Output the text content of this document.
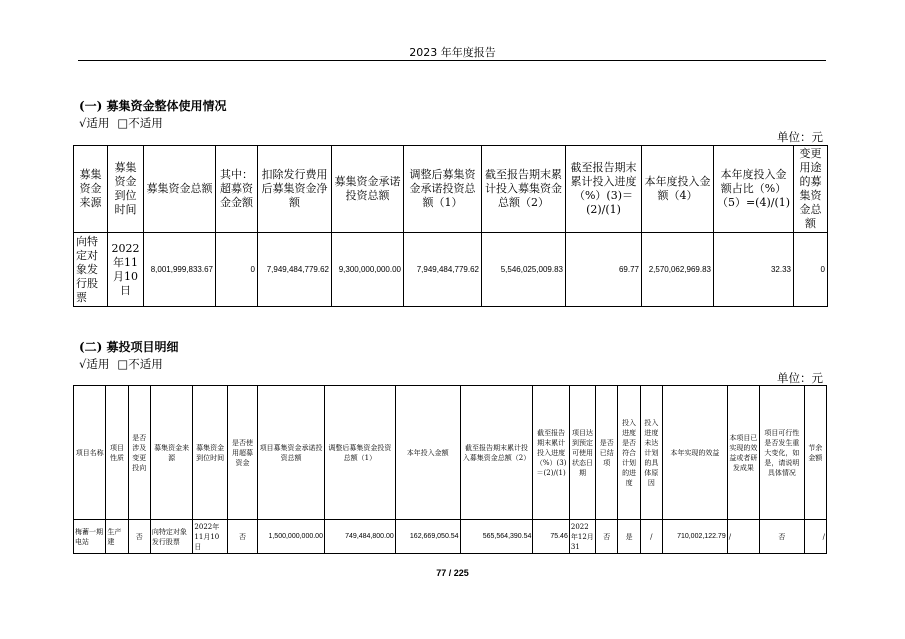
2023 年年度报告
(一) 募集资金整体使用情况
√适用 □不适用
单位：元
募集资金来源	募集资金到位时间	募集资金总额	其中：超募资金金额	扣除发行费用后募集资金净额	募集资金承诺投资总额	调整后募集资金承诺投资总额（1）	截至报告期末累计投入募集资金总额（2）	截至报告期末累计投入进度（%）(3)＝(2)/(1)	本年度投入金额（4）	本年度投入金额占比（%）（5）=(4)/(1)	变更用途的募集资金总额
向特定对象发行股票	2022年11月10日	8,001,999,833.67	0	7,949,484,779.62	9,300,000,000.00	7,949,484,779.62	5,546,025,009.83	69.77	2,570,062,969.83	32.33	0
(二) 募投项目明细
√适用 □不适用
单位：元
项目名称	项目性质	是否涉及变更投向	募集资金来源	募集资金到位时间	是否使用超募资金	项目募集资金承诺投资总额	调整后募集资金投资总额（1）	本年投入金额	截至报告期末累计投入募集资金总额（2）	截至报告期末累计投入进度（%）(3)＝(2)/(1)	项目达到预定可使用状态日期	是否已结项	投入进度是否符合计划的进度	投入进度未达计划的具体原因	本年实现的效益	本项目已实现的效益或者研发成果	项目可行性是否发生重大变化，如是，请说明具体情况	节余金额
梅蓄一期电站	生产建	否	向特定对象发行股票	2022年11月10日	否	1,500,000,000.00	749,484,800.00	162,669,050.54	565,564,390.54	75.46	2022年12月31	否	是	/	710,002,122.79	/	否	/
77 / 225
